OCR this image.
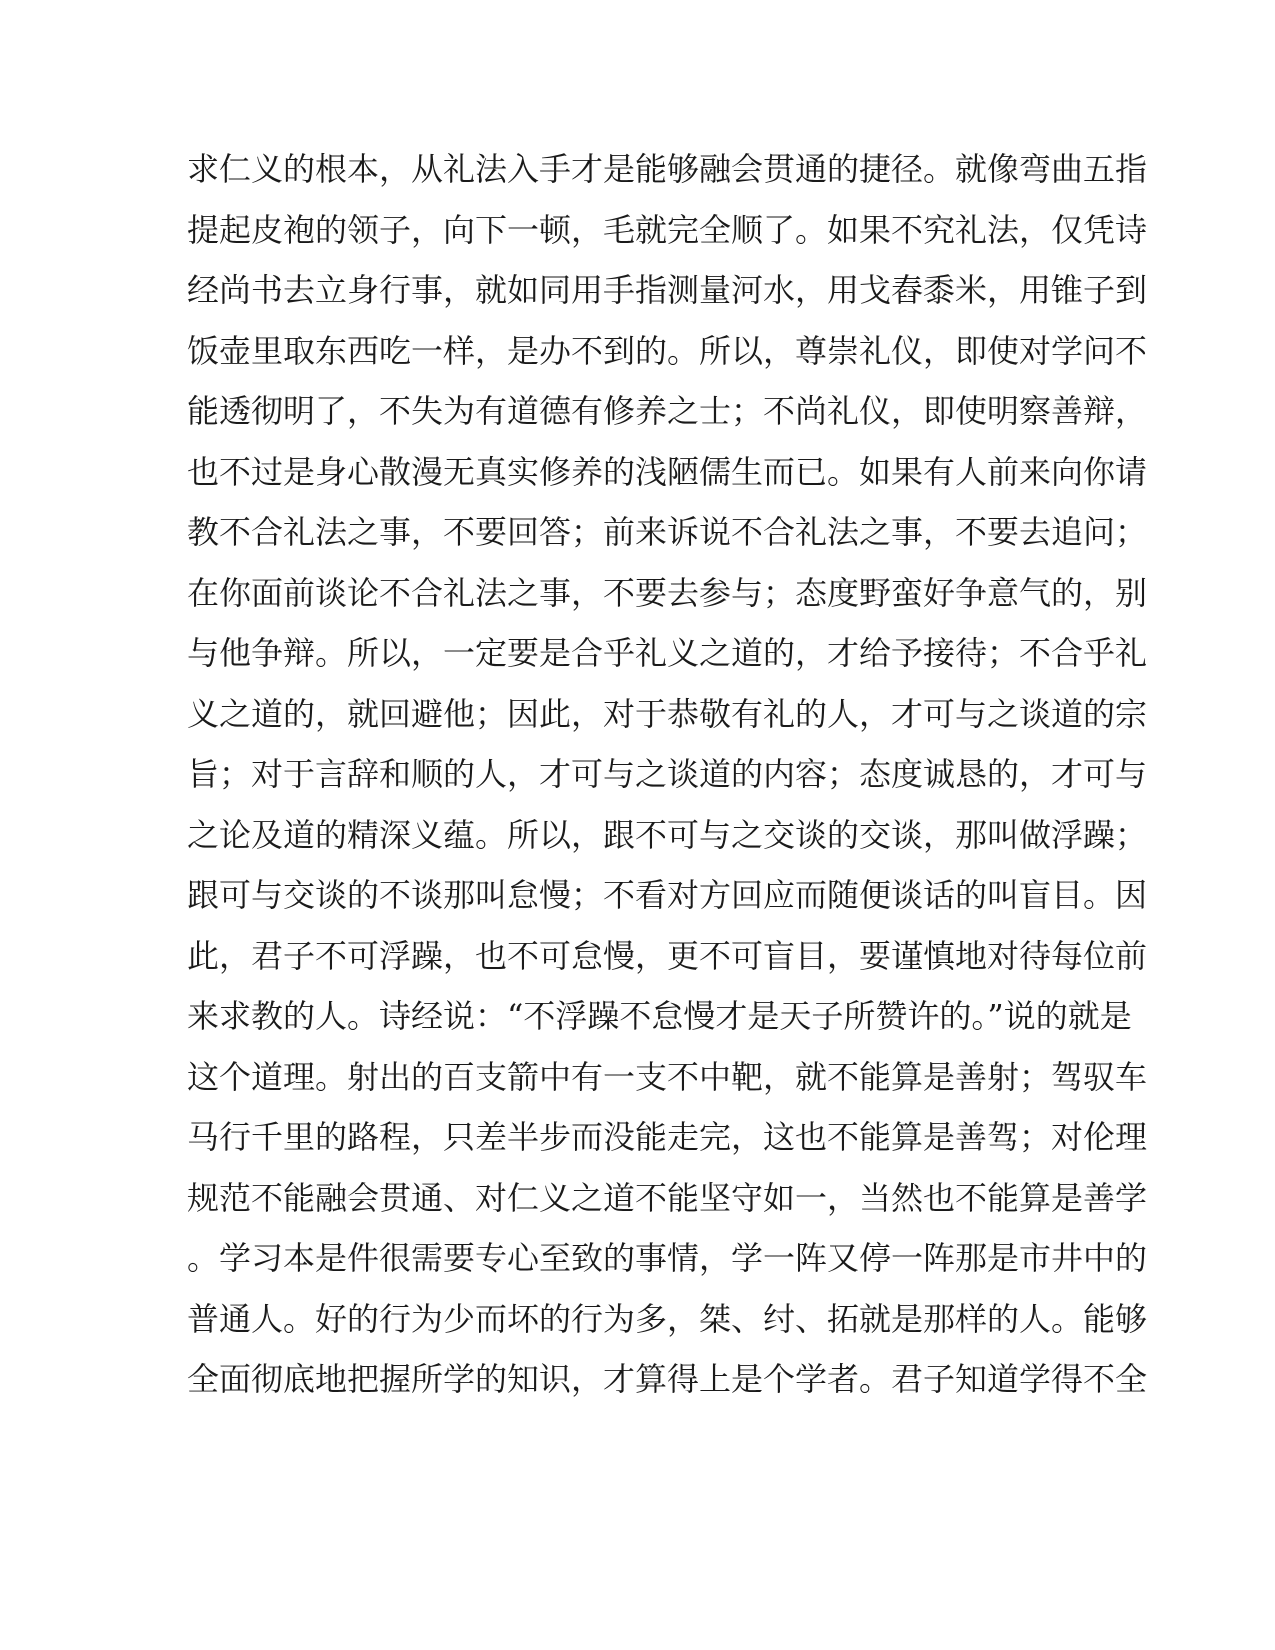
求仁义的根本，从礼法入手才是能够融会贯通的捷径。就像弯曲五指
提起皮袍的领子，向下一顿，毛就完全顺了。如果不究礼法，仅凭诗
经尚书去立身行事，就如同用手指测量河水，用戈舂黍米，用锥子到
饭壶里取东西吃一样，是办不到的。所以，尊崇礼仪，即使对学问不
能透彻明了，不失为有道德有修养之士；不尚礼仪，即使明察善辩，
也不过是身心散漫无真实修养的浅陋儒生而已。如果有人前来向你请
教不合礼法之事，不要回答；前来诉说不合礼法之事，不要去追问；
在你面前谈论不合礼法之事，不要去参与；态度野蛮好争意气的，别
与他争辩。所以，一定要是合乎礼义之道的，才给予接待；不合乎礼
义之道的，就回避他；因此，对于恭敬有礼的人，才可与之谈道的宗
旨；对于言辞和顺的人，才可与之谈道的内容；态度诚恳的，才可与
之论及道的精深义蕴。所以，跟不可与之交谈的交谈，那叫做浮躁；
跟可与交谈的不谈那叫怠慢；不看对方回应而随便谈话的叫盲目。因
此，君子不可浮躁，也不可怠慢，更不可盲目，要谨慎地对待每位前
来求教的人。诗经说：“不浮躁不怠慢才是天子所赞许的。”说的就是
这个道理。射出的百支箭中有一支不中靶，就不能算是善射；驾驭车
马行千里的路程，只差半步而没能走完，这也不能算是善驾；对伦理
规范不能融会贯通、对仁义之道不能坚守如一，当然也不能算是善学
。学习本是件很需要专心至致的事情，学一阵又停一阵那是市井中的
普通人。好的行为少而坏的行为多，桀、纣、拓就是那样的人。能够
全面彻底地把握所学的知识，才算得上是个学者。君子知道学得不全
